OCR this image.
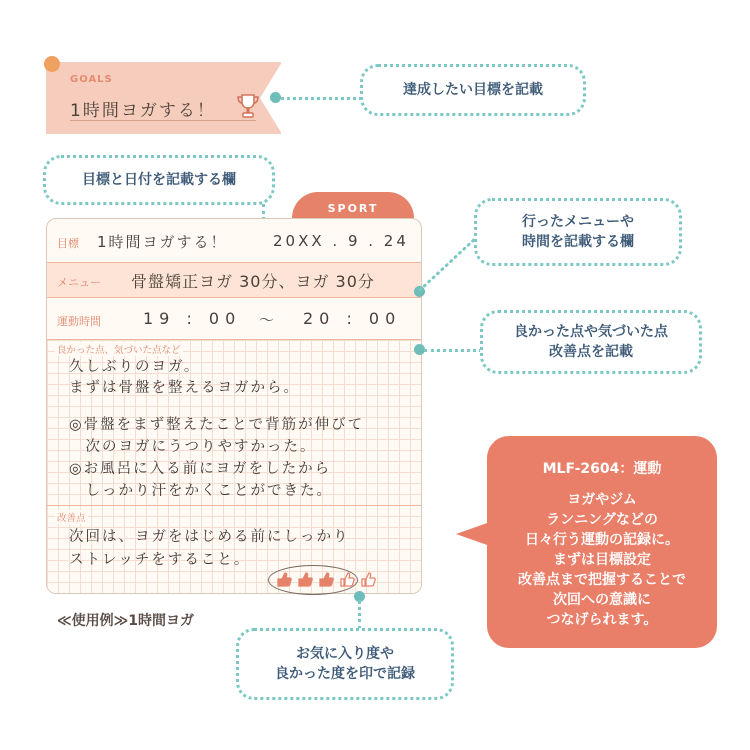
GOALS
1時間ヨガする！
達成したい目標を記載
目標と日付を記載する欄
SPORT
目標 1時間ヨガする！	20XX . 9 . 24
メニュー 骨盤矯正ヨガ 30分、ヨガ 30分
運動時間	19 : 00 ～ 20 : 00
良かった点、気づいた点など
久しぶりのヨガ。
まずは骨盤を整えるヨガから。
◎骨盤をまず整えたことで背筋が伸びて
　次のヨガにうつりやすかった。
◎お風呂に入る前にヨガをしたから
　しっかり汗をかくことができた。
改善点
次回は、ヨガをはじめる前にしっかり
ストレッチをすること。
行ったメニューや
時間を記載する欄
良かった点や気づいた点
改善点を記載
お気に入り度や
良かった度を印で記録
MLF-2604：運動
ヨガやジム
ランニングなどの
日々行う運動の記録に。
まずは目標設定
改善点まで把握することで
次回への意識に
つなげられます。
≪使用例≫1時間ヨガ
